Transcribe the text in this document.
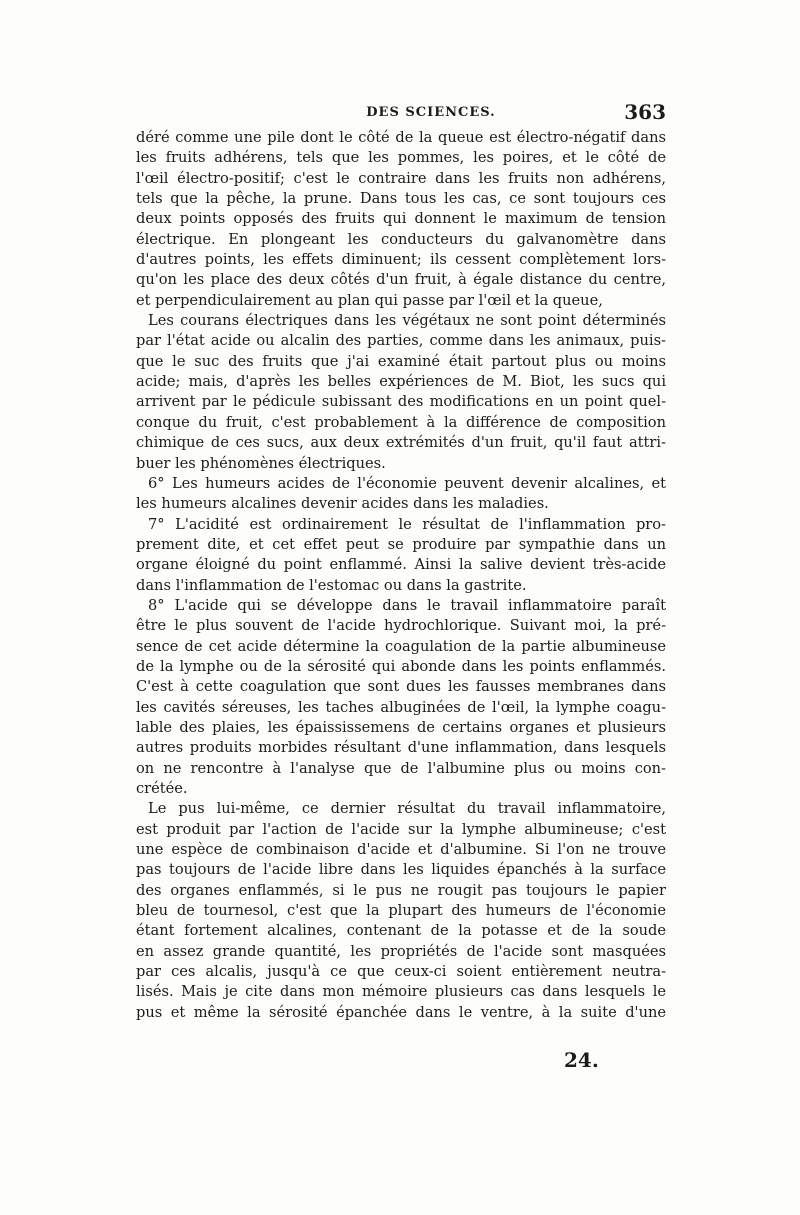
DES SCIENCES.	363
déré comme une pile dont le côté de la queue est électro-négatif dans
les fruits adhérens, tels que les pommes, les poires, et le côté de
l'œil électro-positif; c'est le contraire dans les fruits non adhérens,
tels que la pêche, la prune. Dans tous les cas, ce sont toujours ces
deux points opposés des fruits qui donnent le maximum de tension
électrique. En plongeant les conducteurs du galvanomètre dans
d'autres points, les effets diminuent; ils cessent complètement lors-
qu'on les place des deux côtés d'un fruit, à égale distance du centre,
et perpendiculairement au plan qui passe par l'œil et la queue,
Les courans électriques dans les végétaux ne sont point déterminés
par l'état acide ou alcalin des parties, comme dans les animaux, puis-
que le suc des fruits que j'ai examiné était partout plus ou moins
acide; mais, d'après les belles expériences de M. Biot, les sucs qui
arrivent par le pédicule subissant des modifications en un point quel-
conque du fruit, c'est probablement à la différence de composition
chimique de ces sucs, aux deux extrémités d'un fruit, qu'il faut attri-
buer les phénomènes électriques.
6° Les humeurs acides de l'économie peuvent devenir alcalines, et
les humeurs alcalines devenir acides dans les maladies.
7° L'acidité est ordinairement le résultat de l'inflammation pro-
prement dite, et cet effet peut se produire par sympathie dans un
organe éloigné du point enflammé. Ainsi la salive devient très-acide
dans l'inflammation de l'estomac ou dans la gastrite.
8° L'acide qui se développe dans le travail inflammatoire paraît
être le plus souvent de l'acide hydrochlorique. Suivant moi, la pré-
sence de cet acide détermine la coagulation de la partie albumineuse
de la lymphe ou de la sérosité qui abonde dans les points enflammés.
C'est à cette coagulation que sont dues les fausses membranes dans
les cavités séreuses, les taches albuginées de l'œil, la lymphe coagu-
lable des plaies, les épaississemens de certains organes et plusieurs
autres produits morbides résultant d'une inflammation, dans lesquels
on ne rencontre à l'analyse que de l'albumine plus ou moins con-
crétée.
Le pus lui-même, ce dernier résultat du travail inflammatoire,
est produit par l'action de l'acide sur la lymphe albumineuse; c'est
une espèce de combinaison d'acide et d'albumine. Si l'on ne trouve
pas toujours de l'acide libre dans les liquides épanchés à la surface
des organes enflammés, si le pus ne rougit pas toujours le papier
bleu de tournesol, c'est que la plupart des humeurs de l'économie
étant fortement alcalines, contenant de la potasse et de la soude
en assez grande quantité, les propriétés de l'acide sont masquées
par ces alcalis, jusqu'à ce que ceux-ci soient entièrement neutra-
lisés. Mais je cite dans mon mémoire plusieurs cas dans lesquels le
pus et même la sérosité épanchée dans le ventre, à la suite d'une
24.
